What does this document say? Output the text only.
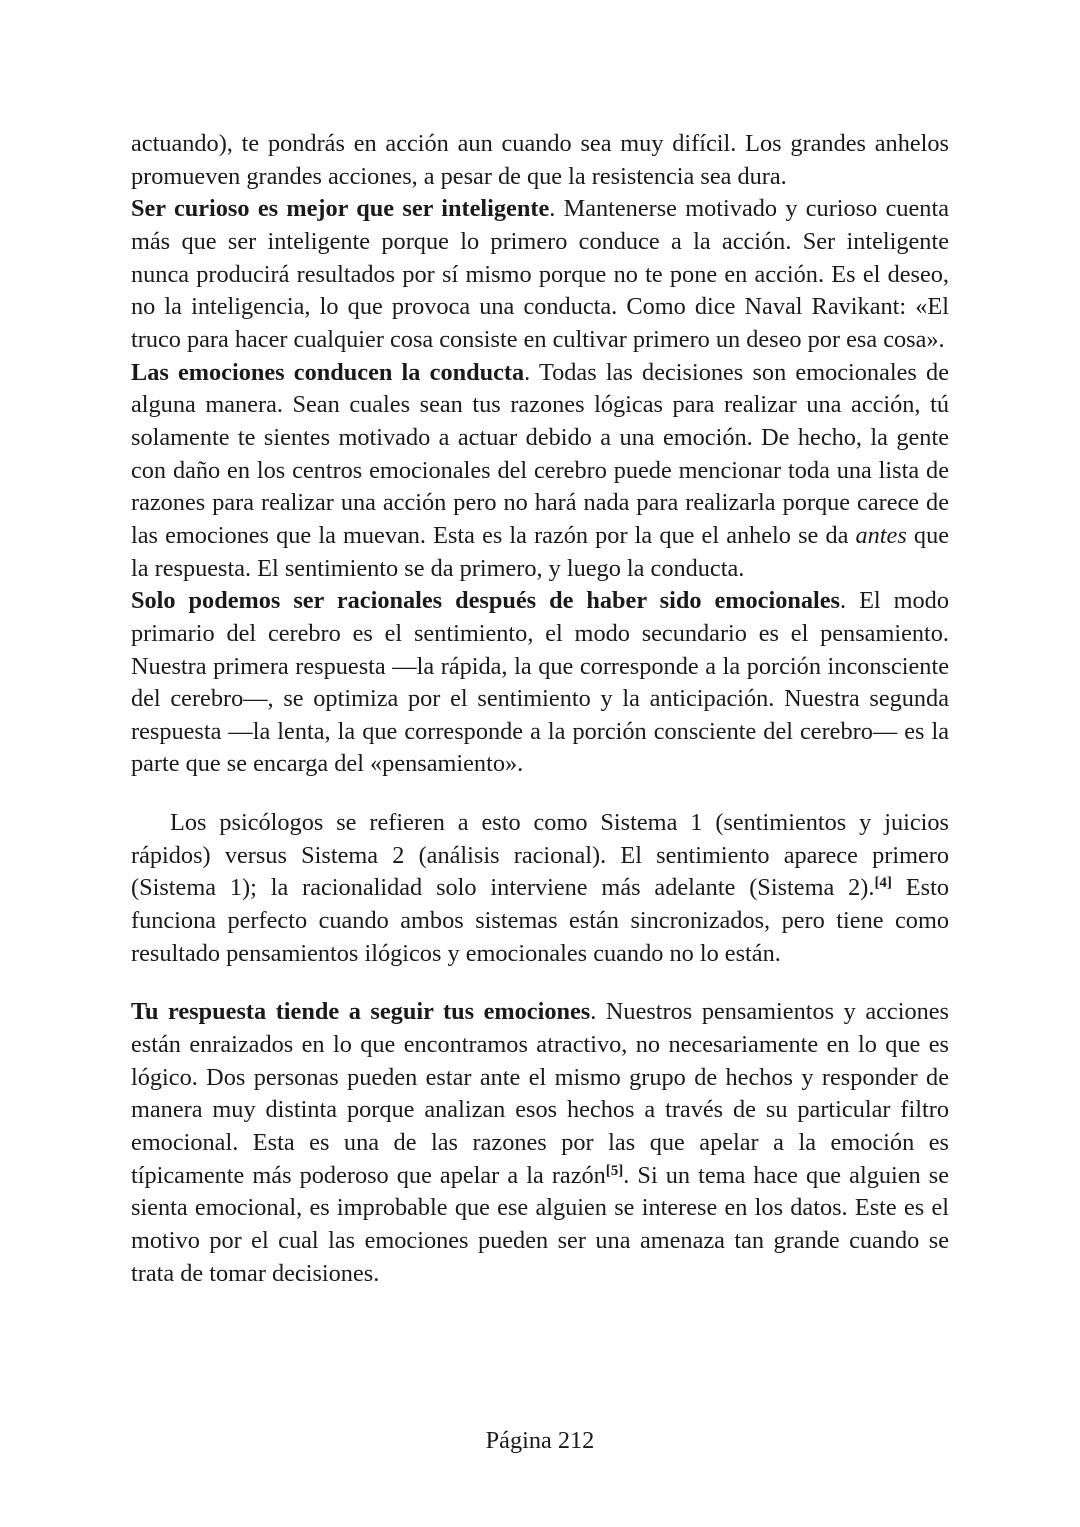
actuando), te pondrás en acción aun cuando sea muy difícil. Los grandes anhelos promueven grandes acciones, a pesar de que la resistencia sea dura.

Ser curioso es mejor que ser inteligente. Mantenerse motivado y curioso cuenta más que ser inteligente porque lo primero conduce a la acción. Ser inteligente nunca producirá resultados por sí mismo porque no te pone en acción. Es el deseo, no la inteligencia, lo que provoca una conducta. Como dice Naval Ravikant: «El truco para hacer cualquier cosa consiste en cultivar primero un deseo por esa cosa».

Las emociones conducen la conducta. Todas las decisiones son emocionales de alguna manera. Sean cuales sean tus razones lógicas para realizar una acción, tú solamente te sientes motivado a actuar debido a una emoción. De hecho, la gente con daño en los centros emocionales del cerebro puede mencionar toda una lista de razones para realizar una acción pero no hará nada para realizarla porque carece de las emociones que la muevan. Esta es la razón por la que el anhelo se da antes que la respuesta. El sentimiento se da primero, y luego la conducta.

Solo podemos ser racionales después de haber sido emocionales. El modo primario del cerebro es el sentimiento, el modo secundario es el pensamiento. Nuestra primera respuesta —la rápida, la que corresponde a la porción inconsciente del cerebro—, se optimiza por el sentimiento y la anticipación. Nuestra segunda respuesta —la lenta, la que corresponde a la porción consciente del cerebro— es la parte que se encarga del «pensamiento».

Los psicólogos se refieren a esto como Sistema 1 (sentimientos y juicios rápidos) versus Sistema 2 (análisis racional). El sentimiento aparece primero (Sistema 1); la racionalidad solo interviene más adelante (Sistema 2).[4] Esto funciona perfecto cuando ambos sistemas están sincronizados, pero tiene como resultado pensamientos ilógicos y emocionales cuando no lo están.

Tu respuesta tiende a seguir tus emociones. Nuestros pensamientos y acciones están enraizados en lo que encontramos atractivo, no necesariamente en lo que es lógico. Dos personas pueden estar ante el mismo grupo de hechos y responder de manera muy distinta porque analizan esos hechos a través de su particular filtro emocional. Esta es una de las razones por las que apelar a la emoción es típicamente más poderoso que apelar a la razón[5]. Si un tema hace que alguien se sienta emocional, es improbable que ese alguien se interese en los datos. Este es el motivo por el cual las emociones pueden ser una amenaza tan grande cuando se trata de tomar decisiones.

Página 212
